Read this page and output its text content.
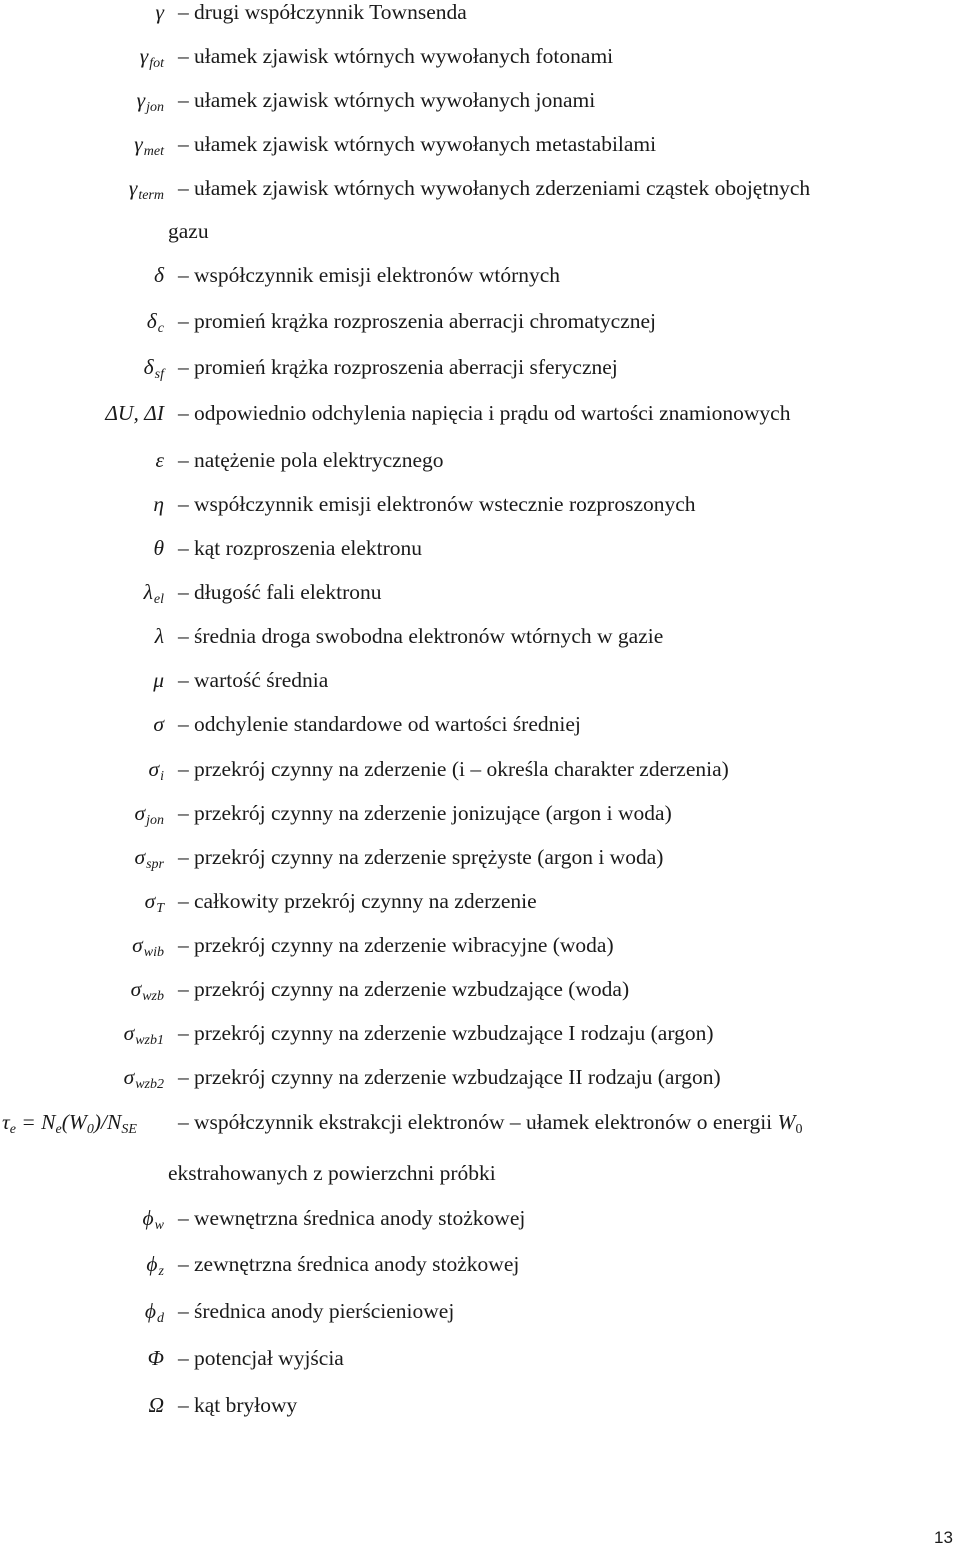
γ – drugi współczynnik Townsenda
γfot – ułamek zjawisk wtórnych wywołanych fotonami
γjon – ułamek zjawisk wtórnych wywołanych jonami
γmet – ułamek zjawisk wtórnych wywołanych metastabilami
γterm – ułamek zjawisk wtórnych wywołanych zderzeniami cząstek obojętnych
gazu
δ – współczynnik emisji elektronów wtórnych
δc – promień krążka rozproszenia aberracji chromatycznej
δsf – promień krążka rozproszenia aberracji sferycznej
ΔU, ΔI – odpowiednio odchylenia napięcia i prądu od wartości znamionowych
ε – natężenie pola elektrycznego
η – współczynnik emisji elektronów wstecznie rozproszonych
θ – kąt rozproszenia elektronu
λel – długość fali elektronu
λ – średnia droga swobodna elektronów wtórnych w gazie
μ – wartość średnia
σ – odchylenie standardowe od wartości średniej
σi – przekrój czynny na zderzenie (i – określa charakter zderzenia)
σjon – przekrój czynny na zderzenie jonizujące (argon i woda)
σspr – przekrój czynny na zderzenie sprężyste (argon i woda)
σT – całkowity przekrój czynny na zderzenie
σwib – przekrój czynny na zderzenie wibracyjne (woda)
σwzb – przekrój czynny na zderzenie wzbudzające (woda)
σwzb1 – przekrój czynny na zderzenie wzbudzające I rodzaju (argon)
σwzb2 – przekrój czynny na zderzenie wzbudzające II rodzaju (argon)
τe = Ne(W0)/NSE – współczynnik ekstrakcji elektronów – ułamek elektronów o energii W0
ekstrahowanych z powierzchni próbki
ϕw – wewnętrzna średnica anody stożkowej
ϕz – zewnętrzna średnica anody stożkowej
ϕd – średnica anody pierścieniowej
Φ – potencjał wyjścia
Ω – kąt bryłowy
13
